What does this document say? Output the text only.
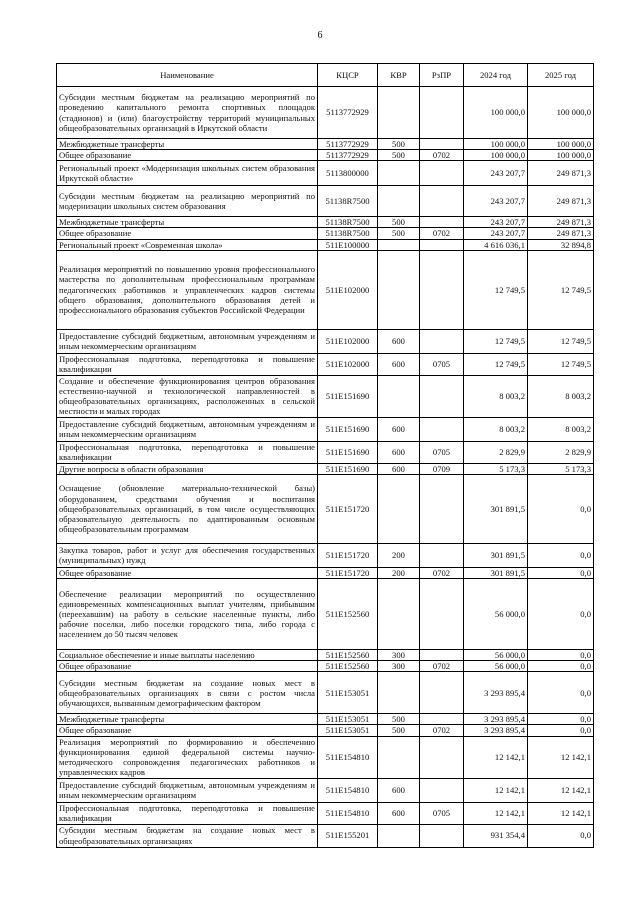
6
Наименование	КЦСР	КВР	РзПР	2024 год	2025 год
Субсидии местным бюджетам на реализацию мероприятий по проведению капитального ремонта спортивных площадок (стадионов) и (или) благоустройству территорий муниципальных общеобразовательных организаций в Иркутской области	5113772929			100 000,0	100 000,0
Межбюджетные трансферты	5113772929	500		100 000,0	100 000,0
Общее образование	5113772929	500	0702	100 000,0	100 000,0
Региональный проект «Модернизация школьных систем образования Иркутской области»	5113800000			243 207,7	249 871,3
Субсидии местным бюджетам на реализацию мероприятий по модернизации школьных систем образования	51138R7500			243 207,7	249 871,3
Межбюджетные трансферты	51138R7500	500		243 207,7	249 871,3
Общее образование	51138R7500	500	0702	243 207,7	249 871,3
Региональный проект «Современная школа»	511E100000			4 616 036,1	32 894,8
Реализация мероприятий по повышению уровня профессионального мастерства по дополнительным профессиональным программам педагогических работников и управленческих кадров системы общего образования, дополнительного образования детей и профессионального образования субъектов Российской Федерации	511E102000			12 749,5	12 749,5
Предоставление субсидий бюджетным, автономным учреждениям и иным некоммерческим организациям	511E102000	600		12 749,5	12 749,5
Профессиональная подготовка, переподготовка и повышение квалификации	511E102000	600	0705	12 749,5	12 749,5
Создание и обеспечение функционирования центров образования естественно-научной и технологической направленностей в общеобразовательных организациях, расположенных в сельской местности и малых городах	511E151690			8 003,2	8 003,2
Предоставление субсидий бюджетным, автономным учреждениям и иным некоммерческим организациям	511E151690	600		8 003,2	8 003,2
Профессиональная подготовка, переподготовка и повышение квалификации	511E151690	600	0705	2 829,9	2 829,9
Другие вопросы в области образования	511E151690	600	0709	5 173,3	5 173,3
Оснащение (обновление материально-технической базы) оборудованием, средствами обучения и воспитания общеобразовательных организаций, в том числе осуществляющих образовательную деятельность по адаптированным основным общеобразовательным программам	511E151720			301 891,5	0,0
Закупка товаров, работ и услуг для обеспечения государственных (муниципальных) нужд	511E151720	200		301 891,5	0,0
Общее образование	511E151720	200	0702	301 891,5	0,0
Обеспечение реализации мероприятий по осуществлению единовременных компенсационных выплат учителям, прибывшим (переехавшим) на работу в сельские населенные пункты, либо рабочие поселки, либо поселки городского типа, либо города с населением до 50 тысяч человек	511E152560			56 000,0	0,0
Социальное обеспечение и иные выплаты населению	511E152560	300		56 000,0	0,0
Общее образование	511E152560	300	0702	56 000,0	0,0
Субсидии местным бюджетам на создание новых мест в общеобразовательных организациях в связи с ростом числа обучающихся, вызванным демографическим фактором	511E153051			3 293 895,4	0,0
Межбюджетные трансферты	511E153051	500		3 293 895,4	0,0
Общее образование	511E153051	500	0702	3 293 895,4	0,0
Реализация мероприятий по формированию и обеспечению функционирования единой федеральной системы научно-методического сопровождения педагогических работников и управленческих кадров	511E154810			12 142,1	12 142,1
Предоставление субсидий бюджетным, автономным учреждениям и иным некоммерческим организациям	511E154810	600		12 142,1	12 142,1
Профессиональная подготовка, переподготовка и повышение квалификации	511E154810	600	0705	12 142,1	12 142,1
Субсидии местным бюджетам на создание новых мест в общеобразовательных организациях	511E155201			931 354,4	0,0
